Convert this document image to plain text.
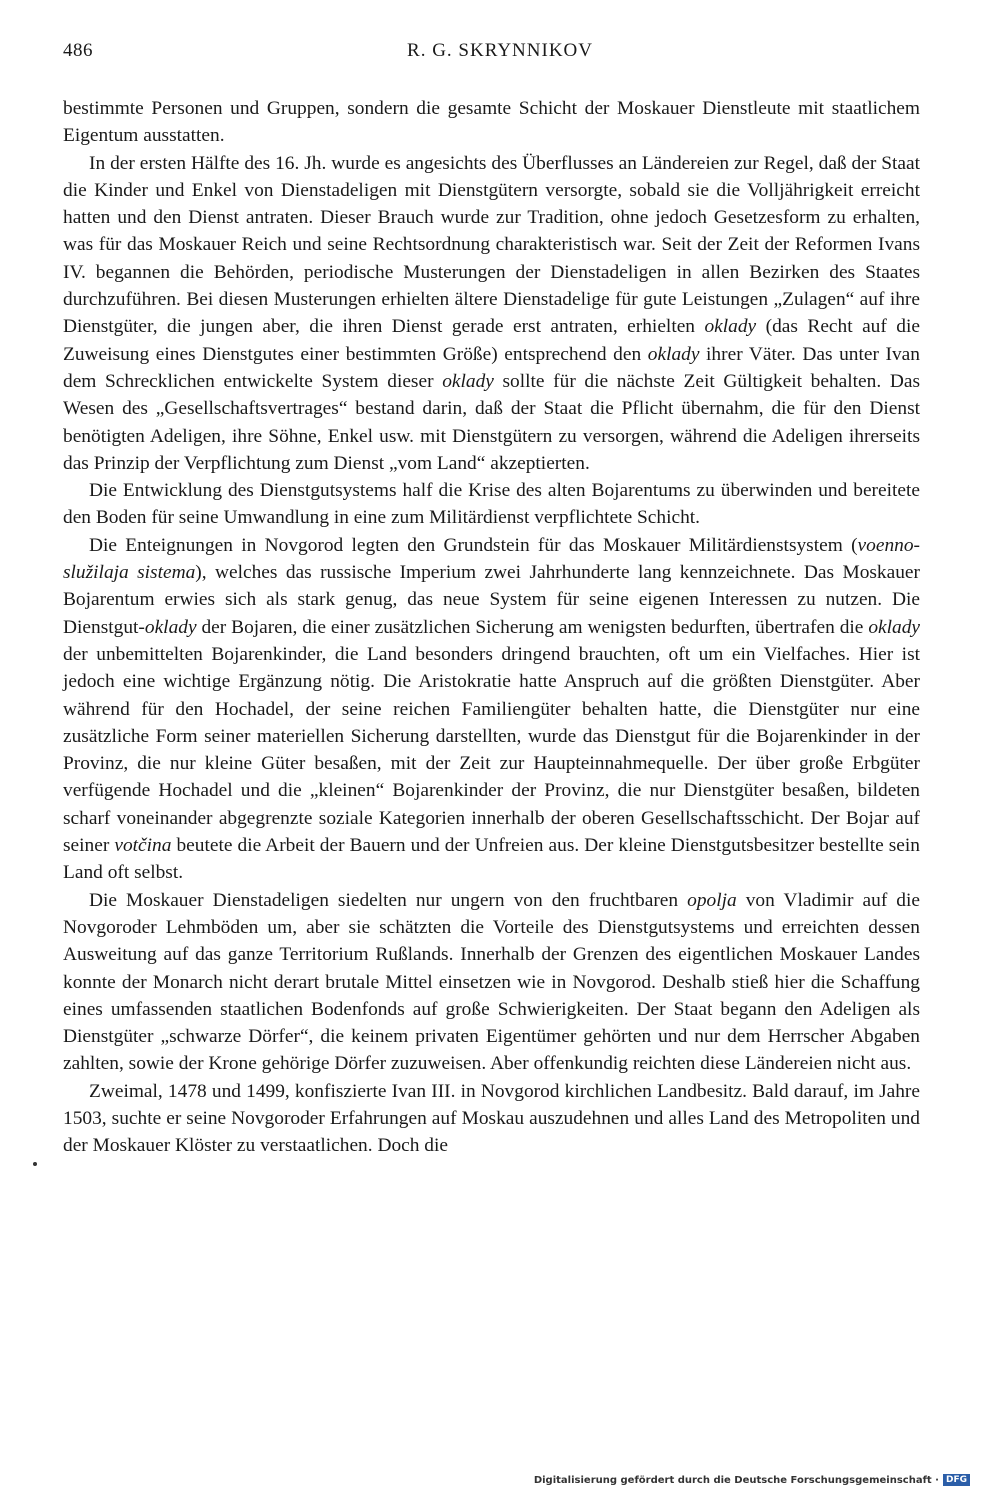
486	R. G. SKRYNNIKOV

bestimmte Personen und Gruppen, sondern die gesamte Schicht der Moskauer Dienstleute mit staatlichem Eigentum ausstatten.

In der ersten Hälfte des 16. Jh. wurde es angesichts des Überflusses an Ländereien zur Regel, daß der Staat die Kinder und Enkel von Dienstadeligen mit Dienstgütern versorgte, sobald sie die Volljährigkeit erreicht hatten und den Dienst antraten. Dieser Brauch wurde zur Tradition, ohne jedoch Gesetzesform zu erhalten, was für das Moskauer Reich und seine Rechtsordnung charakteristisch war. Seit der Zeit der Reformen Ivans IV. begannen die Behörden, periodische Musterungen der Dienstadeligen in allen Bezirken des Staates durchzuführen. Bei diesen Musterungen erhielten ältere Dienstadelige für gute Leistungen „Zulagen“ auf ihre Dienstgüter, die jungen aber, die ihren Dienst gerade erst antraten, erhielten oklady (das Recht auf die Zuweisung eines Dienstgutes einer bestimmten Größe) entsprechend den oklady ihrer Väter. Das unter Ivan dem Schrecklichen entwickelte System dieser oklady sollte für die nächste Zeit Gültigkeit behalten. Das Wesen des „Gesellschaftsvertrages“ bestand darin, daß der Staat die Pflicht übernahm, die für den Dienst benötigten Adeligen, ihre Söhne, Enkel usw. mit Dienstgütern zu versorgen, während die Adeligen ihrerseits das Prinzip der Verpflichtung zum Dienst „vom Land“ akzeptierten.

Die Entwicklung des Dienstgutsystems half die Krise des alten Bojarentums zu überwinden und bereitete den Boden für seine Umwandlung in eine zum Militärdienst verpflichtete Schicht.

Die Enteignungen in Novgorod legten den Grundstein für das Moskauer Militärdienstsystem (voenno-služilaja sistema), welches das russische Imperium zwei Jahrhunderte lang kennzeichnete. Das Moskauer Bojarentum erwies sich als stark genug, das neue System für seine eigenen Interessen zu nutzen. Die Dienstgut-oklady der Bojaren, die einer zusätzlichen Sicherung am wenigsten bedurften, übertrafen die oklady der unbemittelten Bojarenkinder, die Land besonders dringend brauchten, oft um ein Vielfaches. Hier ist jedoch eine wichtige Ergänzung nötig. Die Aristokratie hatte Anspruch auf die größten Dienstgüter. Aber während für den Hochadel, der seine reichen Familiengüter behalten hatte, die Dienstgüter nur eine zusätzliche Form seiner materiellen Sicherung darstellten, wurde das Dienstgut für die Bojarenkinder in der Provinz, die nur kleine Güter besaßen, mit der Zeit zur Haupteinnahmequelle. Der über große Erbgüter verfügende Hochadel und die „kleinen“ Bojarenkinder der Provinz, die nur Dienstgüter besaßen, bildeten scharf voneinander abgegrenzte soziale Kategorien innerhalb der oberen Gesellschaftsschicht. Der Bojar auf seiner votčina beutete die Arbeit der Bauern und der Unfreien aus. Der kleine Dienstgutsbesitzer bestellte sein Land oft selbst.

Die Moskauer Dienstadeligen siedelten nur ungern von den fruchtbaren opolja von Vladimir auf die Novgoroder Lehmböden um, aber sie schätzten die Vorteile des Dienstgutsystems und erreichten dessen Ausweitung auf das ganze Territorium Rußlands. Innerhalb der Grenzen des eigentlichen Moskauer Landes konnte der Monarch nicht derart brutale Mittel einsetzen wie in Novgorod. Deshalb stieß hier die Schaffung eines umfassenden staatlichen Bodenfonds auf große Schwierigkeiten. Der Staat begann den Adeligen als Dienstgüter „schwarze Dörfer“, die keinem privaten Eigentümer gehörten und nur dem Herrscher Abgaben zahlten, sowie der Krone gehörige Dörfer zuzuweisen. Aber offenkundig reichten diese Ländereien nicht aus.

Zweimal, 1478 und 1499, konfiszierte Ivan III. in Novgorod kirchlichen Landbesitz. Bald darauf, im Jahre 1503, suchte er seine Novgoroder Erfahrungen auf Moskau auszudehnen und alles Land des Metropoliten und der Moskauer Klöster zu verstaatlichen. Doch die

Digitalisierung gefördert durch die Deutsche Forschungsgemeinschaft · DFG
